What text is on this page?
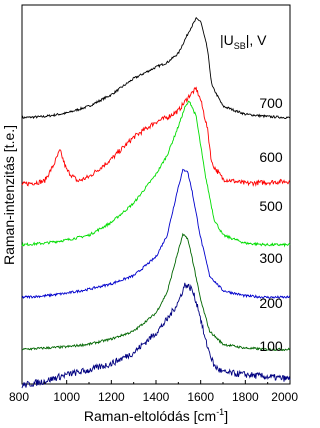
800 1000 1200 1400 1600 1800 2000
700
600
500
300
200
100
$|U_{SB}|$, V
Raman-eltolódás $[cm^{-1}]$
Raman-intenzitás [t.e.]
